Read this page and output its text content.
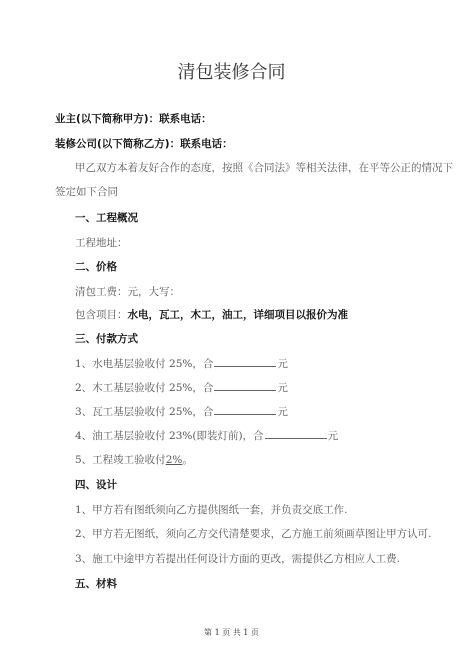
清包装修合同
业主(以下简称甲方)：联系电话：
装修公司(以下简称乙方)：联系电话：
甲乙双方本着友好合作的态度，按照《合同法》等相关法律，在平等公正的情况下
签定如下合同
一、工程概况
工程地址：
二、价格
清包工费：元，大写：
包含项目：水电，瓦工，木工，油工，详细项目以报价为准
三、付款方式
1、水电基层验收付 25%，合	元
2、木工基层验收付 25%，合	元
3、瓦工基层验收付 25%，合	元
4、油工基层验收付 23%(即装灯前)，合	元
5、工程竣工验收付2%。
四、设计
1、甲方若有图纸须向乙方提供图纸一套，并负责交底工作.
2、甲方若无图纸，须向乙方交代清楚要求，乙方施工前须画草图让甲方认可.
3、施工中途甲方若提出任何设计方面的更改，需提供乙方相应人工费.
五、材料
第 1 页 共 1 页
